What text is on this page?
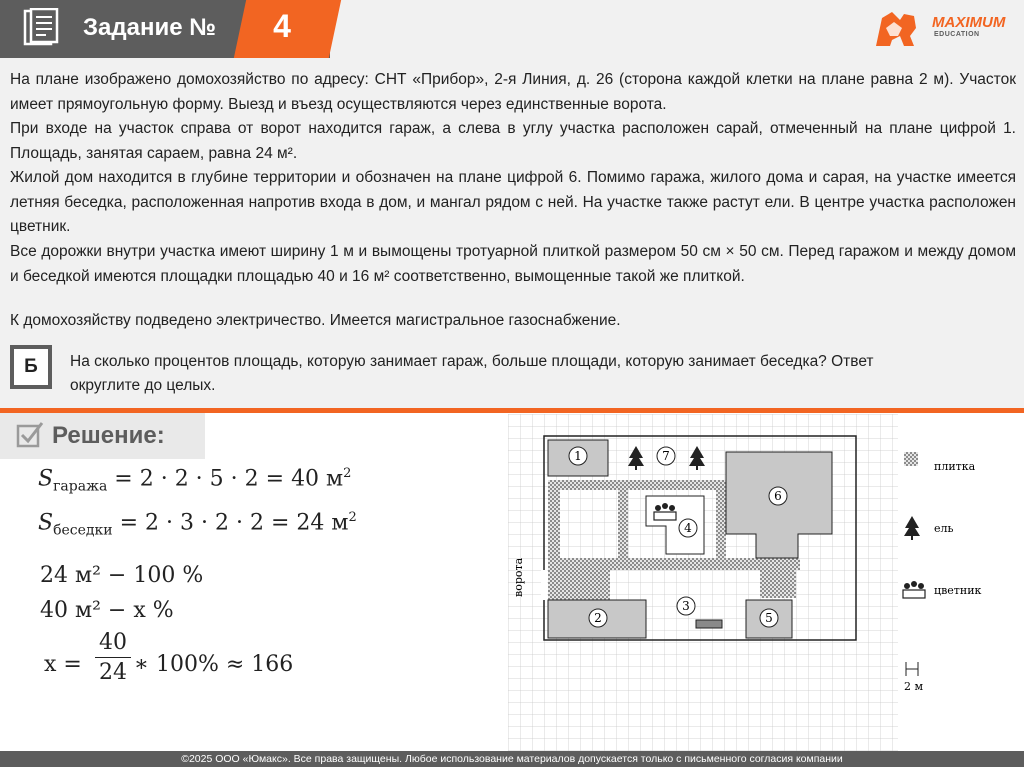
Задание №	4	MAXIMUM
EDUCATION

На плане изображено домохозяйство по адресу: СНТ «Прибор», 2-я Линия, д. 26 (сторона каждой клетки на плане равна 2 м). Участок имеет прямоугольную форму. Выезд и въезд осуществляются через единственные ворота.

При входе на участок справа от ворот находится гараж, а слева в углу участка расположен сарай, отмеченный на плане цифрой 1. Площадь, занятая сараем, равна 24 м².

Жилой дом находится в глубине территории и обозначен на плане цифрой 6. Помимо гаража, жилого дома и сарая, на участке имеется летняя беседка, расположенная напротив входа в дом, и мангал рядом с ней. На участке также растут ели. В центре участка расположен цветник.

Все дорожки внутри участка имеют ширину 1 м и вымощены тротуарной плиткой размером 50 см × 50 см. Перед гаражом и между домом и беседкой имеются площадки площадью 40 и 16 м² соответственно, вымощенные такой же плиткой.

К домохозяйству подведено электричество. Имеется магистральное газоснабжение.

Б	На сколько процентов площадь, которую занимает гараж, больше площади, которую занимает беседка? Ответ округлите до целых.
Решение:
$S_{гаража} = 2 \cdot 2 \cdot 5 \cdot 2 = 40$ $м^2$
$S_{беседки} = 2 \cdot 3 \cdot 2 \cdot 2 = 24$ $м^2$
24 м² − 100 %
40 м² − x %
x =
40
24 ∗ 100% ≈ 166
ворота
1	7
6
4
2
3
5
плитка
ель
цветник
2 м
©2025 ООО «Юмакс». Все права защищены. Любое использование материалов допускается только с письменного согласия компании
